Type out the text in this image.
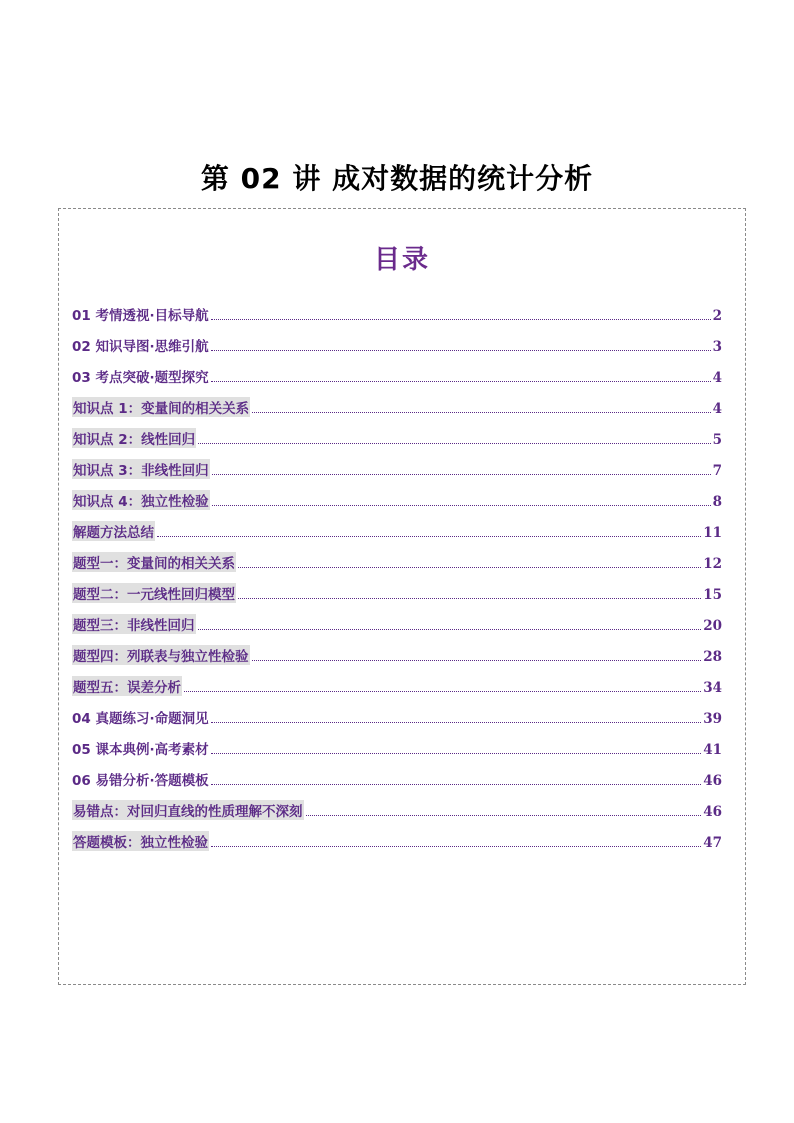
第 02 讲 成对数据的统计分析
目录
01 考情透视·目标导航	2
02 知识导图·思维引航	3
03 考点突破·题型探究	4
知识点 1：变量间的相关关系	4
知识点 2：线性回归	5
知识点 3：非线性回归	7
知识点 4：独立性检验	8
解题方法总结	11
题型一：变量间的相关关系	12
题型二：一元线性回归模型	15
题型三：非线性回归	20
题型四：列联表与独立性检验	28
题型五：误差分析	34
04 真题练习·命题洞见	39
05 课本典例·高考素材	41
06 易错分析·答题模板	46
易错点：对回归直线的性质理解不深刻	46
答题模板：独立性检验	47
